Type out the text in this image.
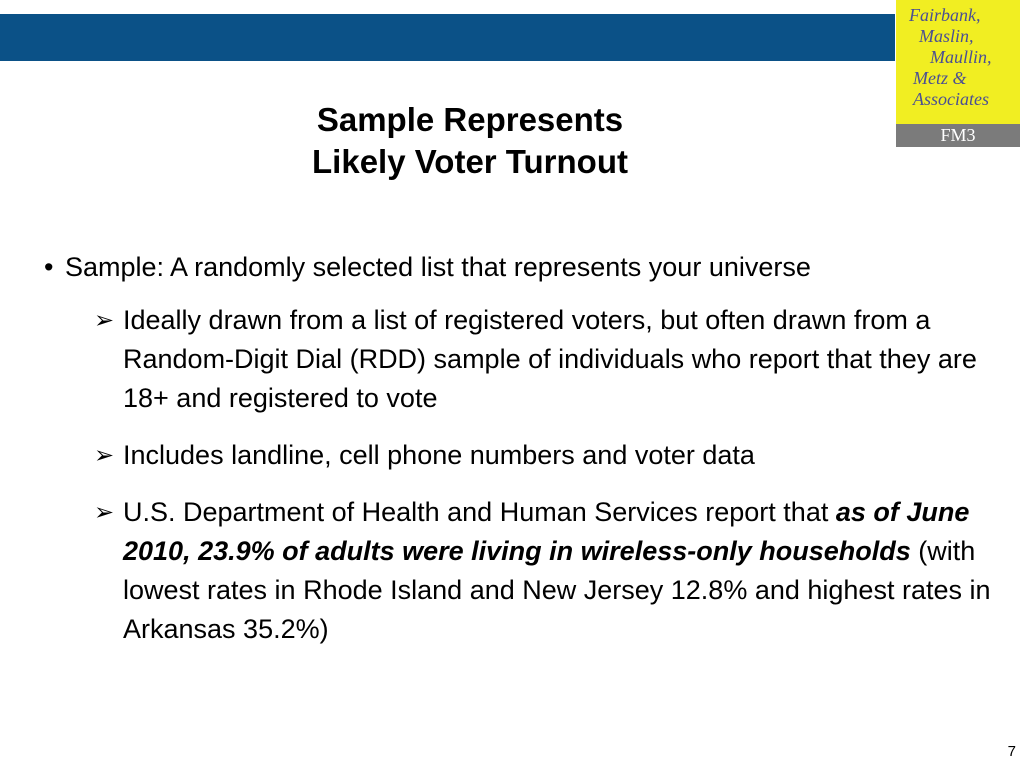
Fairbank,
Maslin,
Maullin,
Metz &
Associates
FM3
Sample Represents
Likely Voter Turnout
• Sample: A randomly selected list that represents your universe
➢ Ideally drawn from a list of registered voters, but often drawn from a Random-Digit Dial (RDD) sample of individuals who report that they are 18+ and registered to vote
➢ Includes landline, cell phone numbers and voter data
➢ U.S. Department of Health and Human Services report that as of June 2010, 23.9% of adults were living in wireless-only households (with lowest rates in Rhode Island and New Jersey 12.8% and highest rates in Arkansas 35.2%)
7
